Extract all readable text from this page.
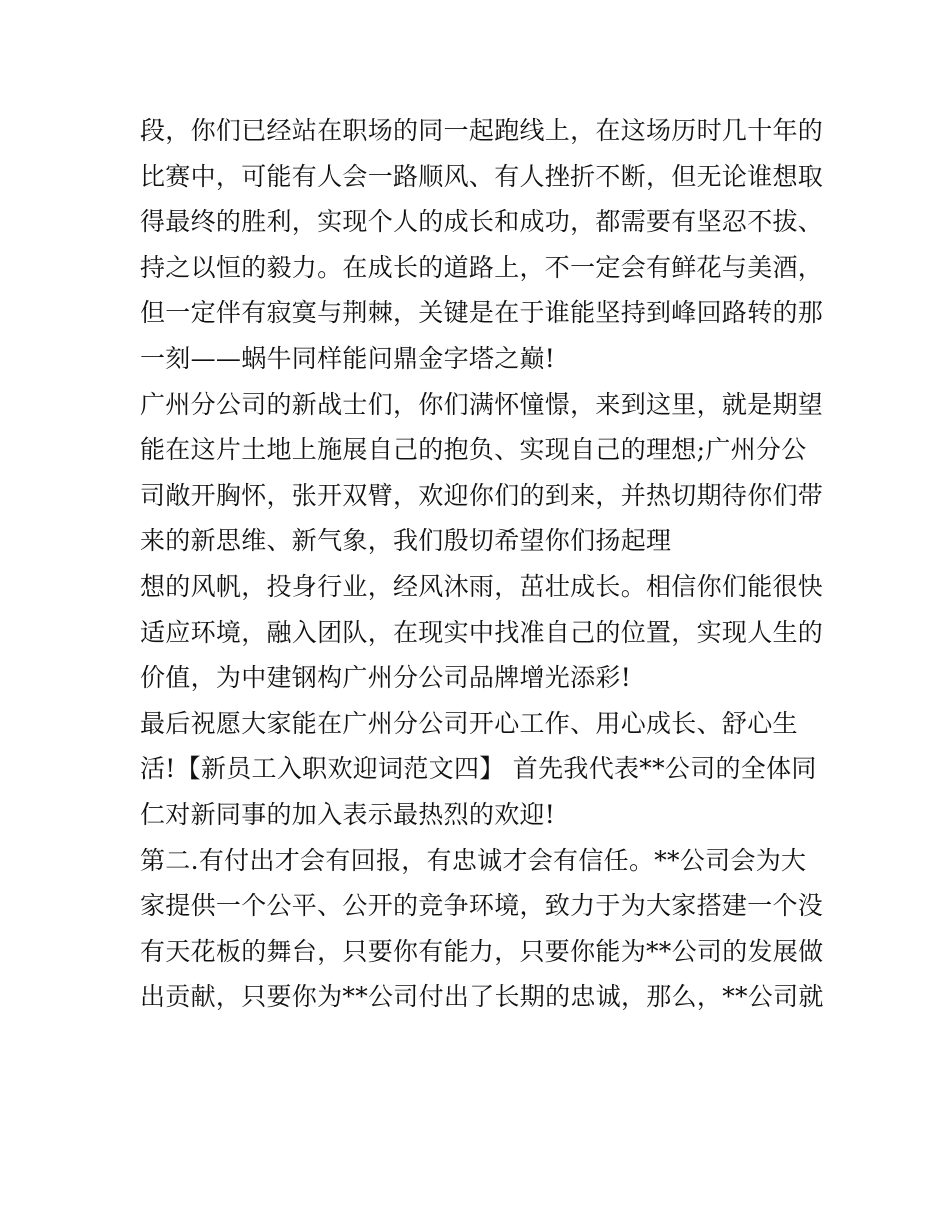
段，你们已经站在职场的同一起跑线上，在这场历时几十年的
比赛中，可能有人会一路顺风、有人挫折不断，但无论谁想取
得最终的胜利，实现个人的成长和成功，都需要有坚忍不拔、
持之以恒的毅力。在成长的道路上，不一定会有鲜花与美酒，
但一定伴有寂寞与荆棘，关键是在于谁能坚持到峰回路转的那
一刻——蜗牛同样能问鼎金字塔之巅!
广州分公司的新战士们，你们满怀憧憬，来到这里，就是期望
能在这片土地上施展自己的抱负、实现自己的理想;广州分公
司敞开胸怀，张开双臂，欢迎你们的到来，并热切期待你们带
来的新思维、新气象，我们殷切希望你们扬起理
想的风帆，投身行业，经风沐雨，茁壮成长。相信你们能很快
适应环境，融入团队，在现实中找准自己的位置，实现人生的
价值，为中建钢构广州分公司品牌增光添彩!
最后祝愿大家能在广州分公司开心工作、用心成长、舒心生
活!【新员工入职欢迎词范文四】 首先我代表**公司的全体同
仁对新同事的加入表示最热烈的欢迎!
第二.有付出才会有回报，有忠诚才会有信任。**公司会为大
家提供一个公平、公开的竞争环境，致力于为大家搭建一个没
有天花板的舞台，只要你有能力，只要你能为**公司的发展做
出贡献，只要你为**公司付出了长期的忠诚，那么，**公司就
